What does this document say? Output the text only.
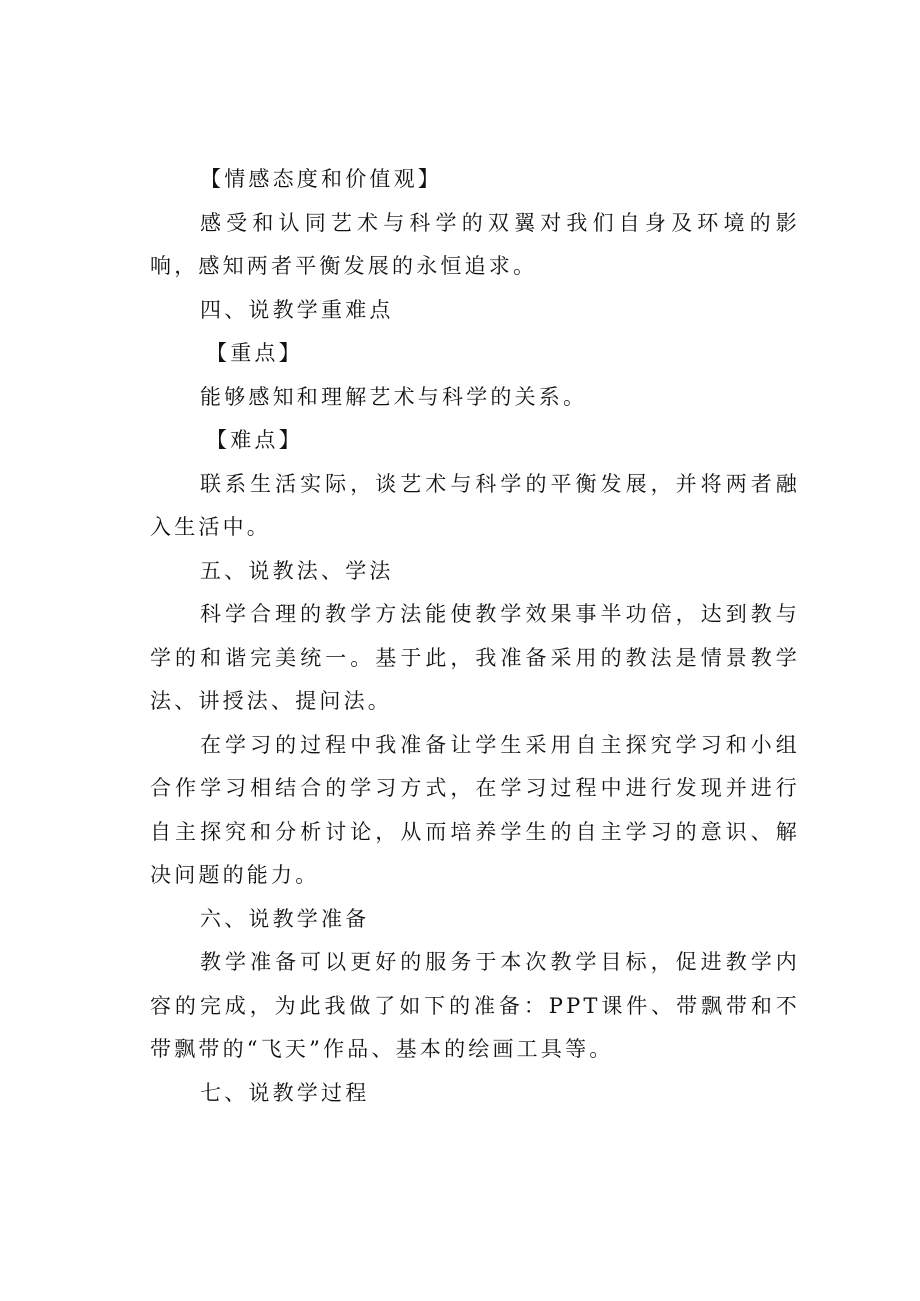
【情感态度和价值观】

感受和认同艺术与科学的双翼对我们自身及环境的影响，感知两者平衡发展的永恒追求。

四、说教学重难点

【重点】

能够感知和理解艺术与科学的关系。

【难点】

联系生活实际，谈艺术与科学的平衡发展，并将两者融入生活中。

五、说教法、学法

科学合理的教学方法能使教学效果事半功倍，达到教与学的和谐完美统一。基于此，我准备采用的教法是情景教学法、讲授法、提问法。

在学习的过程中我准备让学生采用自主探究学习和小组合作学习相结合的学习方式，在学习过程中进行发现并进行自主探究和分析讨论，从而培养学生的自主学习的意识、解决问题的能力。

六、说教学准备

教学准备可以更好的服务于本次教学目标，促进教学内容的完成，为此我做了如下的准备：PPT课件、带飘带和不带飘带的“飞天”作品、基本的绘画工具等。

七、说教学过程
